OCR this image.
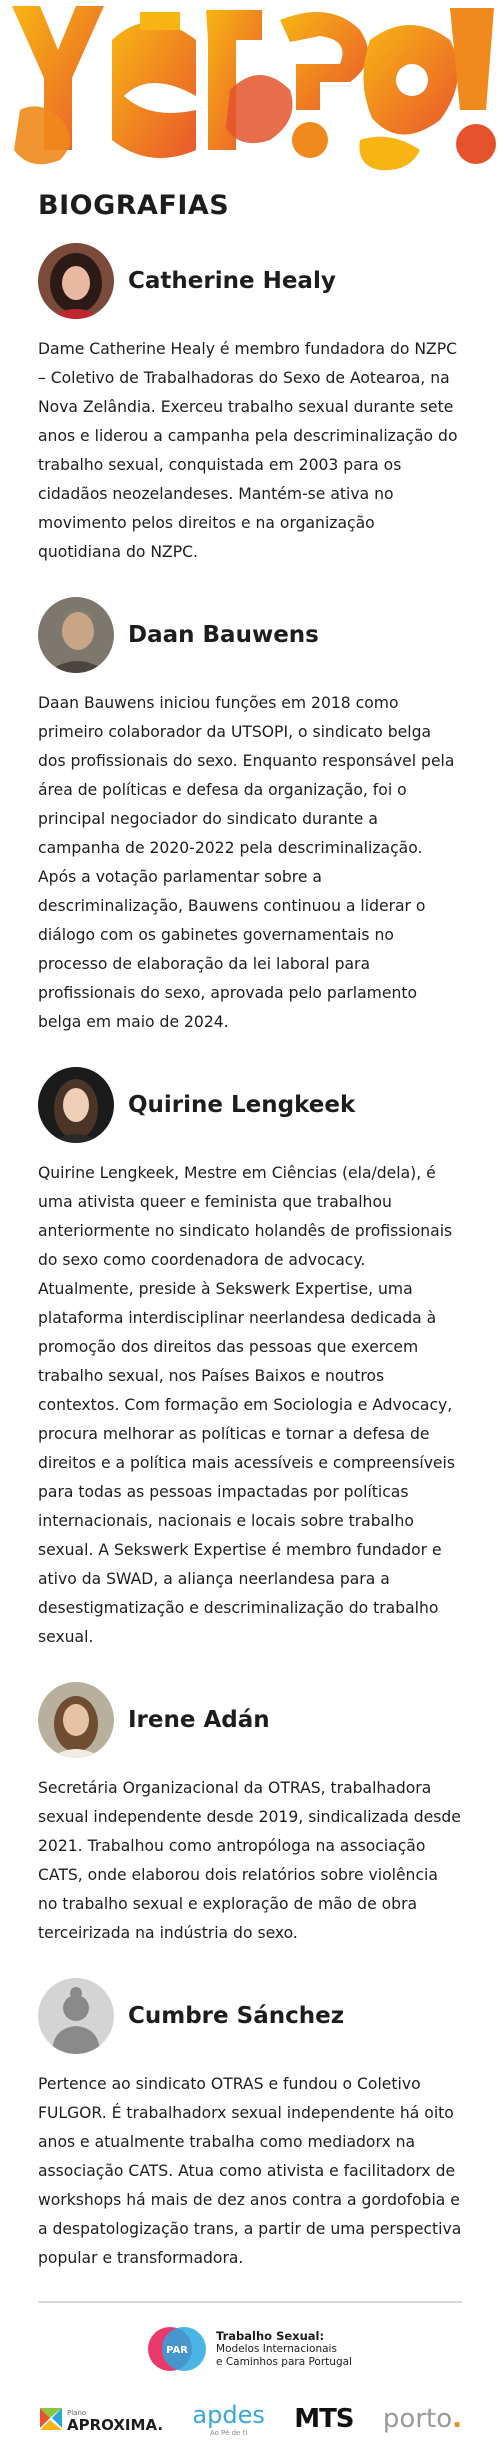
BIOGRAFIAS
Catherine Healy

Dame Catherine Healy é membro fundadora do NZPC – Coletivo de Trabalhadoras do Sexo de Aotearoa, na Nova Zelândia. Exerceu trabalho sexual durante sete anos e liderou a campanha pela descriminalização do trabalho sexual, conquistada em 2003 para os cidadãos neozelandeses. Mantém-se ativa no movimento pelos direitos e na organização quotidiana do NZPC.

Daan Bauwens

Daan Bauwens iniciou funções em 2018 como primeiro colaborador da UTSOPI, o sindicato belga dos profissionais do sexo. Enquanto responsável pela área de políticas e defesa da organização, foi o principal negociador do sindicato durante a campanha de 2020-2022 pela descriminalização. Após a votação parlamentar sobre a descriminalização, Bauwens continuou a liderar o diálogo com os gabinetes governamentais no processo de elaboração da lei laboral para profissionais do sexo, aprovada pelo parlamento belga em maio de 2024.

Quirine Lengkeek

Quirine Lengkeek, Mestre em Ciências (ela/dela), é uma ativista queer e feminista que trabalhou anteriormente no sindicato holandês de profissionais do sexo como coordenadora de advocacy. Atualmente, preside à Sekswerk Expertise, uma plataforma interdisciplinar neerlandesa dedicada à promoção dos direitos das pessoas que exercem trabalho sexual, nos Países Baixos e noutros contextos. Com formação em Sociologia e Advocacy, procura melhorar as políticas e tornar a defesa de direitos e a política mais acessíveis e compreensíveis para todas as pessoas impactadas por políticas internacionais, nacionais e locais sobre trabalho sexual. A Sekswerk Expertise é membro fundador e ativo da SWAD, a aliança neerlandesa para a desestigmatização e descriminalização do trabalho sexual.

Irene Adán

Secretária Organizacional da OTRAS, trabalhadora sexual independente desde 2019, sindicalizada desde 2021. Trabalhou como antropóloga na associação CATS, onde elaborou dois relatórios sobre violência no trabalho sexual e exploração de mão de obra terceirizada na indústria do sexo.

Cumbre Sánchez

Pertence ao sindicato OTRAS e fundou o Coletivo FULGOR. É trabalhadorx sexual independente há oito anos e atualmente trabalha como mediadorx na associação CATS. Atua como ativista e facilitadorx de workshops há mais de dez anos contra a gordofobia e a despatologização trans, a partir de uma perspectiva popular e transformadora.

PAR
Trabalho Sexual:
Modelos Internacionais
e Caminhos para Portugal
Plano
APROXIMA. apdes
Ao Pé de ti	MTS porto.
